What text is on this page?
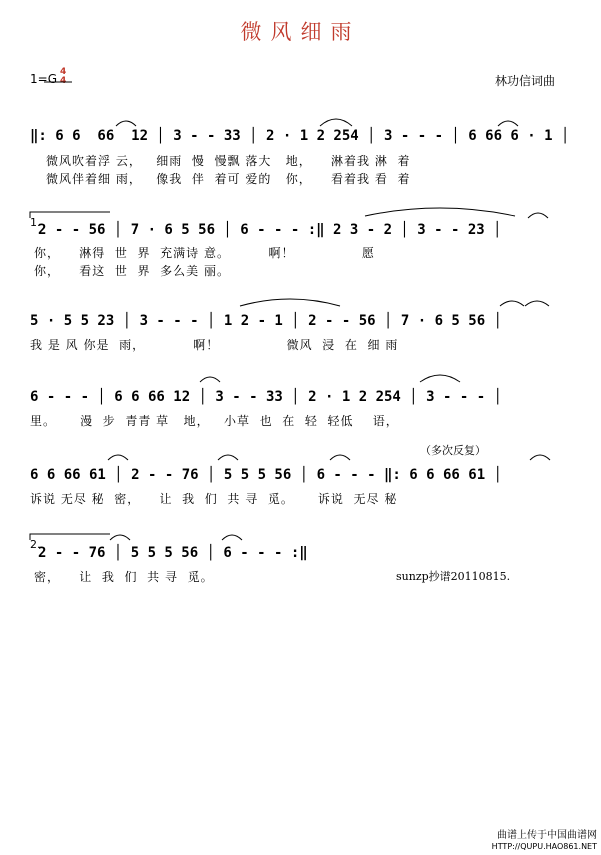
微风细雨
1=G 4
4	林功信词曲
‖: 6 6  66  12 │ 3 - - 33 │ 2 · 1 2 254 │ 3 - - - │ 6 66 6 · 1 │
微风吹着浮 云，   细雨  慢  慢飘 落大   地，    淋着我 淋  着
微风伴着细 雨，   像我  伴  着可 爱的   你，    看着我 看  着
1.
2 - - 56 │ 7 · 6 5 56 │ 6 - - - :‖ 2 3 - 2 │ 3 - - 23 │
你，    淋得  世  界  充满诗 意。        啊！              愿
你，    看这  世  界  多么美 丽。
5 · 5 5 23 │ 3 - - - │ 1 2 - 1 │ 2 - - 56 │ 7 · 6 5 56 │
我 是 风 你是  雨，          啊！              微风  浸  在  细 雨
6 - - - │ 6 6 66 12 │ 3 - - 33 │ 2 · 1 2 254 │ 3 - - - │
里。     漫  步  青青 草   地，   小草  也  在  轻  轻低    语，
（多次反复）
6 6 66 61 │ 2 - - 76 │ 5 5 5 56 │ 6 - - - ‖: 6 6 66 61 │
诉说 无尽 秘  密，    让  我  们  共 寻  觅。     诉说  无尽 秘
2.
2 - - 76 │ 5 5 5 56 │ 6 - - - :‖
密，    让  我  们  共 寻  觅。	sunzp抄谱20110815.
曲谱上传于中国曲谱网
HTTP://QUPU.HAO861.NET
